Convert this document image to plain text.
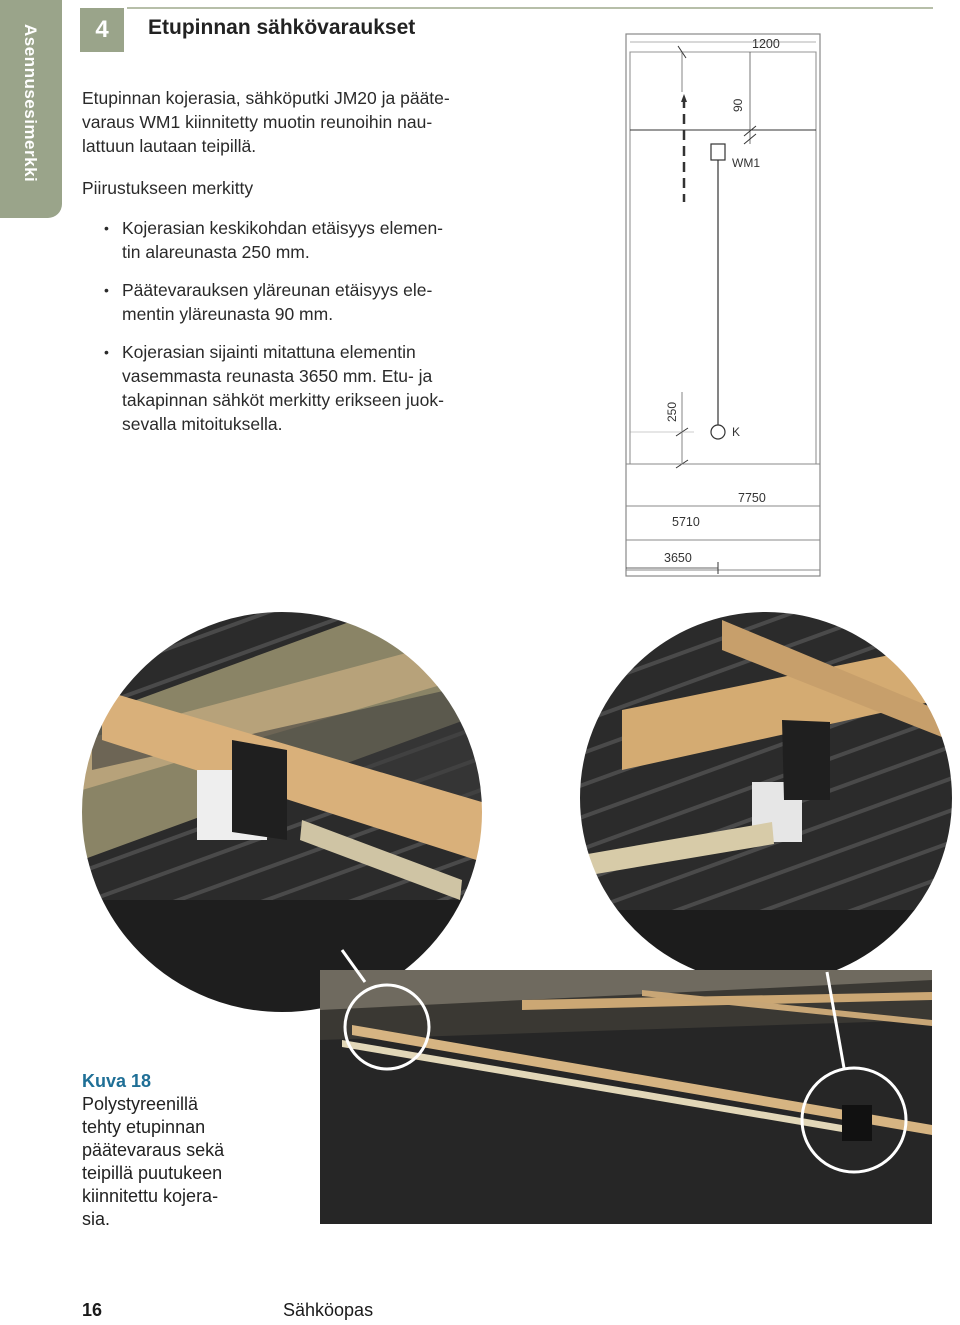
Asennusesimerkki	4	Etupinnan sähkövaraukset
Etupinnan kojerasia, sähköputki JM20 ja pääte-
varaus WM1 kiinnitetty muotin reunoihin nau-
lattuun lautaan teipillä.
Piirustukseen merkitty
• Kojerasian keskikohdan etäisyys elemen-
tin alareunasta 250 mm.
• Päätevarauksen yläreunan etäisyys ele-
mentin yläreunasta 90 mm.
• Kojerasian sijainti mitattuna elementin
vasemmasta reunasta 3650 mm. Etu- ja
takapinnan sähköt merkitty erikseen juok-
sevalla mitoituksella.
1200
90
WM1
K
250
7750
5710
3650
Kuva 18
Polystyreenillä
tehty etupinnan
päätevaraus sekä
teipillä puutukeen
kiinnitettu kojera-
sia.
16	Sähköopas
